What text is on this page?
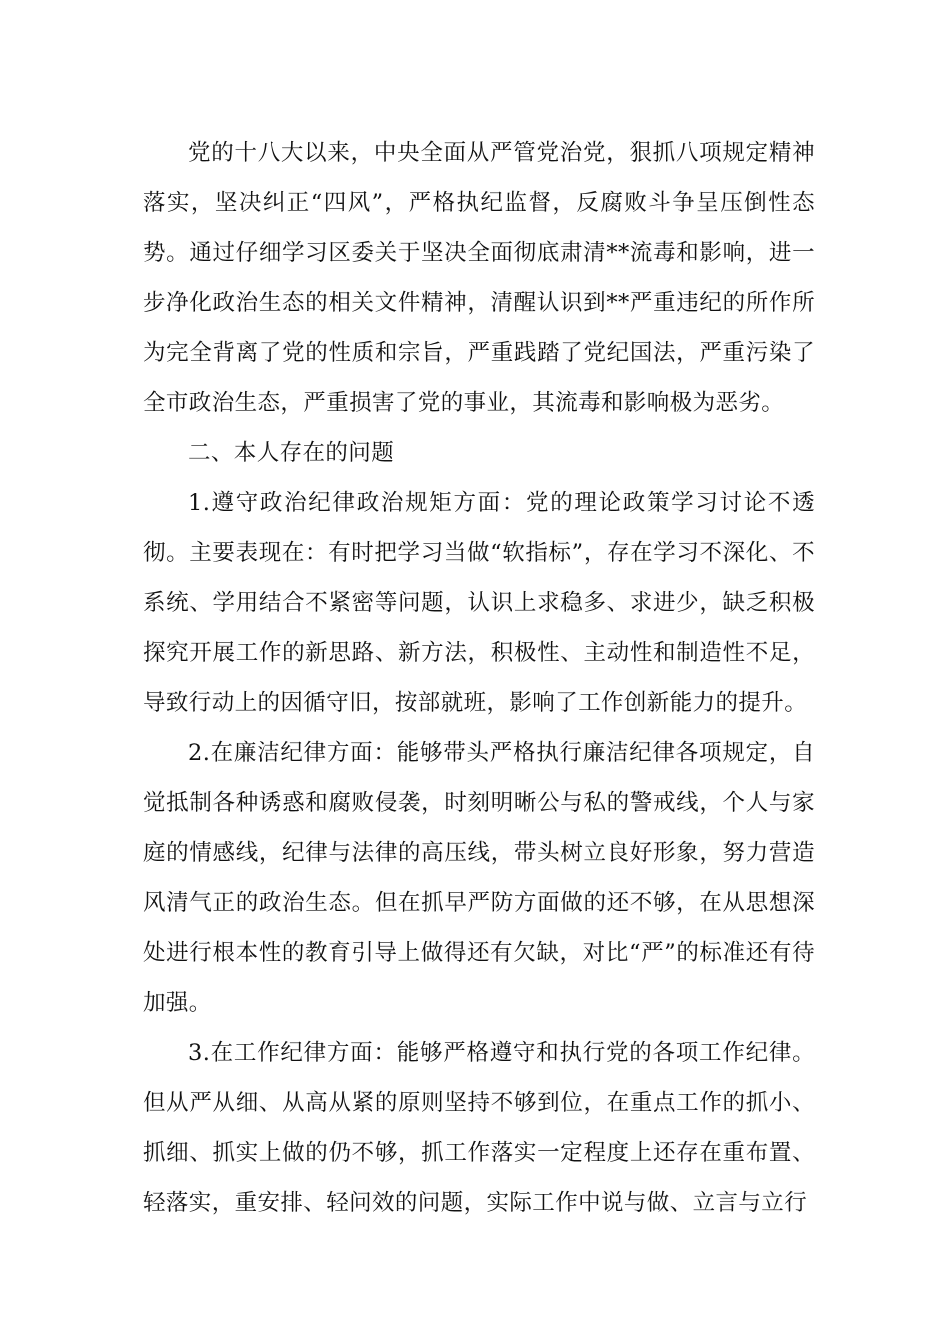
党的十八大以来，中央全面从严管党治党，狠抓八项规定精神落实，坚决纠正“四风”，严格执纪监督，反腐败斗争呈压倒性态势。通过仔细学习区委关于坚决全面彻底肃清**流毒和影响，进一步净化政治生态的相关文件精神，清醒认识到**严重违纪的所作所为完全背离了党的性质和宗旨，严重践踏了党纪国法，严重污染了全市政治生态，严重损害了党的事业，其流毒和影响极为恶劣。

二、本人存在的问题

1.遵守政治纪律政治规矩方面：党的理论政策学习讨论不透彻。主要表现在：有时把学习当做“软指标”，存在学习不深化、不系统、学用结合不紧密等问题，认识上求稳多、求进少，缺乏积极探究开展工作的新思路、新方法，积极性、主动性和制造性不足，导致行动上的因循守旧，按部就班，影响了工作创新能力的提升。

2.在廉洁纪律方面：能够带头严格执行廉洁纪律各项规定，自觉抵制各种诱惑和腐败侵袭，时刻明晰公与私的警戒线，个人与家庭的情感线，纪律与法律的高压线，带头树立良好形象，努力营造风清气正的政治生态。但在抓早严防方面做的还不够，在从思想深处进行根本性的教育引导上做得还有欠缺，对比“严”的标准还有待加强。

3.在工作纪律方面：能够严格遵守和执行党的各项工作纪律。但从严从细、从高从紧的原则坚持不够到位，在重点工作的抓小、抓细、抓实上做的仍不够，抓工作落实一定程度上还存在重布置、轻落实，重安排、轻问效的问题，实际工作中说与做、立言与立行
